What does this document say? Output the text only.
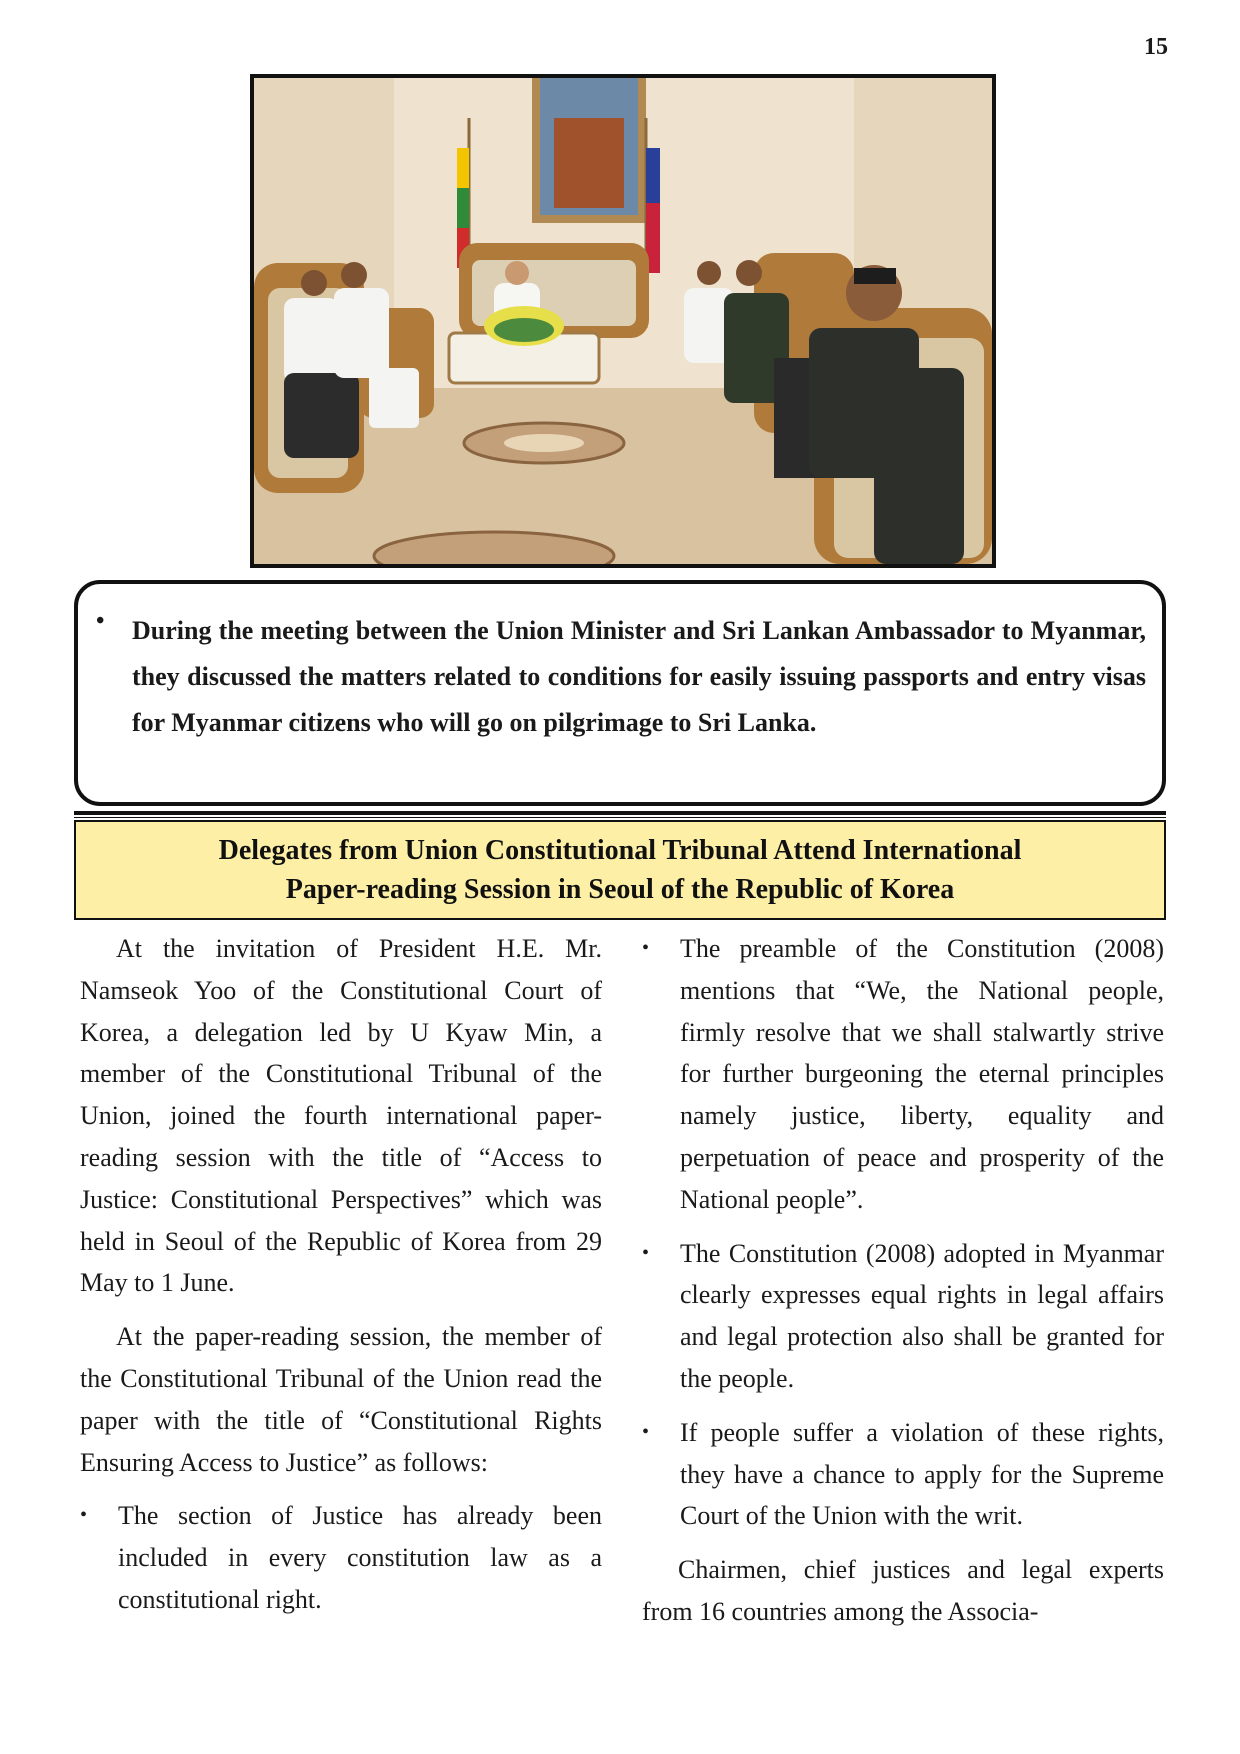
15
• During the meeting between the Union Minister and Sri Lankan Ambassador to Myanmar, they discussed the matters related to conditions for easily issuing passports and entry visas for Myanmar citizens who will go on pilgrimage to Sri Lanka.
Delegates from Union Constitutional Tribunal Attend International
Paper-reading Session in Seoul of the Republic of Korea

At the invitation of President H.E. Mr. Namseok Yoo of the Constitutional Court of Korea, a delegation led by U Kyaw Min, a member of the Constitutional Tribunal of the Union, joined the fourth international paper-reading session with the title of “Access to Justice: Constitutional Perspectives” which was held in Seoul of the Republic of Korea from 29 May to 1 June.

At the paper-reading session, the member of the Constitutional Tribunal of the Union read the paper with the title of “Constitutional Rights Ensuring Access to Justice” as follows:

• The section of Justice has already been included in every constitution law as a constitutional right.
• The preamble of the Constitution (2008) mentions that “We, the National people, firmly resolve that we shall stalwartly strive for further burgeoning the eternal principles namely justice, liberty, equality and perpetuation of peace and prosperity of the National people”.
• The Constitution (2008) adopted in Myanmar clearly expresses equal rights in legal affairs and legal protection also shall be granted for the people.
• If people suffer a violation of these rights, they have a chance to apply for the Supreme Court of the Union with the writ.

Chairmen, chief justices and legal experts from 16 countries among the Associa-
